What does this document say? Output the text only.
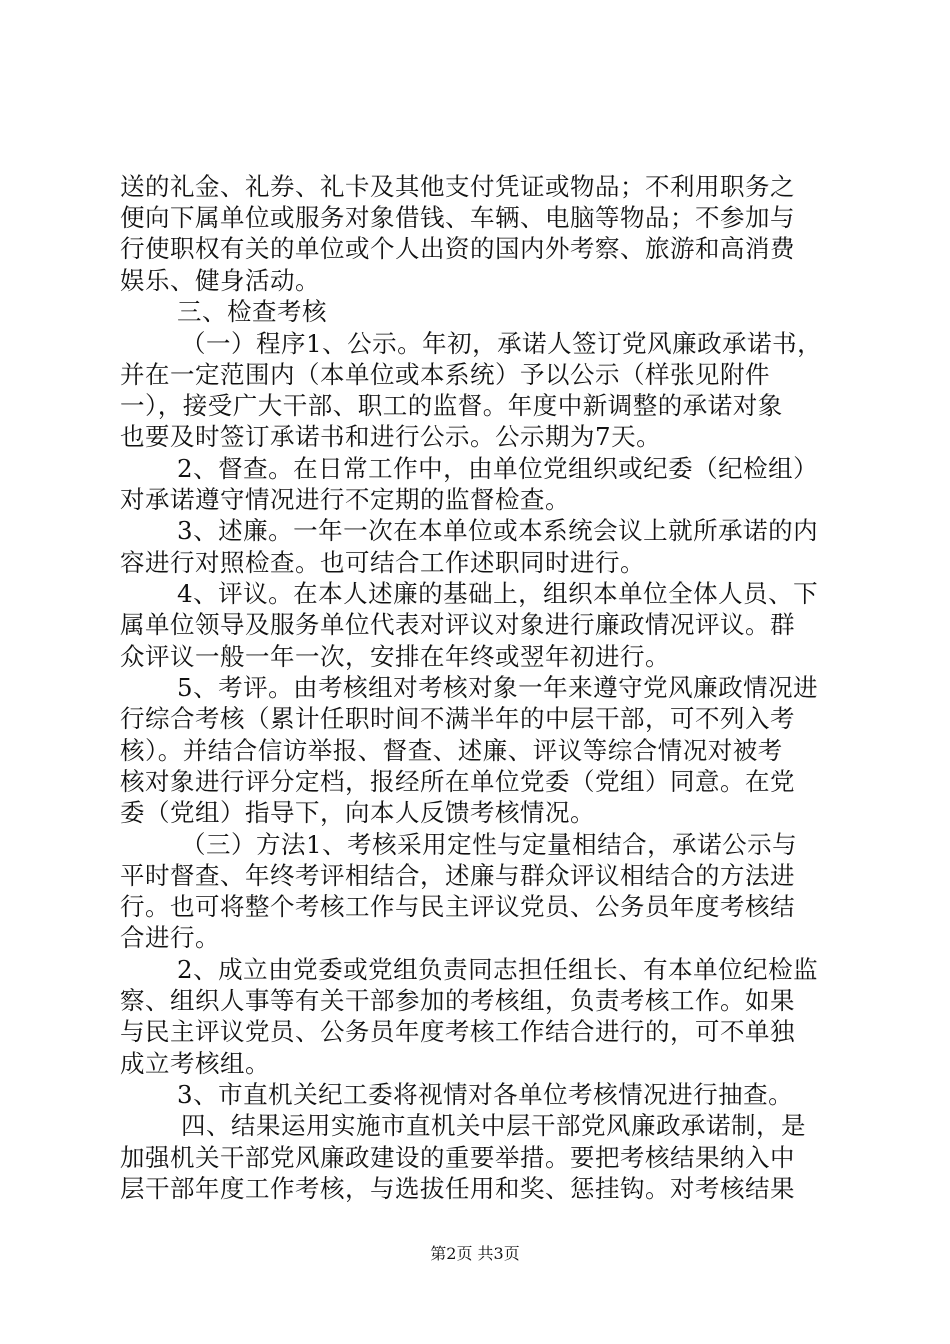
送的礼金、礼券、礼卡及其他支付凭证或物品；不利用职务之
便向下属单位或服务对象借钱、车辆、电脑等物品；不参加与
行使职权有关的单位或个人出资的国内外考察、旅游和高消费
娱乐、健身活动。
三、检查考核
（一）程序1、公示。年初，承诺人签订党风廉政承诺书，
并在一定范围内（本单位或本系统）予以公示（样张见附件
一），接受广大干部、职工的监督。年度中新调整的承诺对象
也要及时签订承诺书和进行公示。公示期为7天。
2、督查。在日常工作中，由单位党组织或纪委（纪检组）
对承诺遵守情况进行不定期的监督检查。
3、述廉。一年一次在本单位或本系统会议上就所承诺的内
容进行对照检查。也可结合工作述职同时进行。
4、评议。在本人述廉的基础上，组织本单位全体人员、下
属单位领导及服务单位代表对评议对象进行廉政情况评议。群
众评议一般一年一次，安排在年终或翌年初进行。
5、考评。由考核组对考核对象一年来遵守党风廉政情况进
行综合考核（累计任职时间不满半年的中层干部，可不列入考
核）。并结合信访举报、督查、述廉、评议等综合情况对被考
核对象进行评分定档，报经所在单位党委（党组）同意。在党
委（党组）指导下，向本人反馈考核情况。
（三）方法1、考核采用定性与定量相结合，承诺公示与
平时督查、年终考评相结合，述廉与群众评议相结合的方法进
行。也可将整个考核工作与民主评议党员、公务员年度考核结
合进行。
2、成立由党委或党组负责同志担任组长、有本单位纪检监
察、组织人事等有关干部参加的考核组，负责考核工作。如果
与民主评议党员、公务员年度考核工作结合进行的，可不单独
成立考核组。
3、市直机关纪工委将视情对各单位考核情况进行抽查。
四、结果运用实施市直机关中层干部党风廉政承诺制，是
加强机关干部党风廉政建设的重要举措。要把考核结果纳入中
层干部年度工作考核，与选拔任用和奖、惩挂钩。对考核结果
第2页 共3页
